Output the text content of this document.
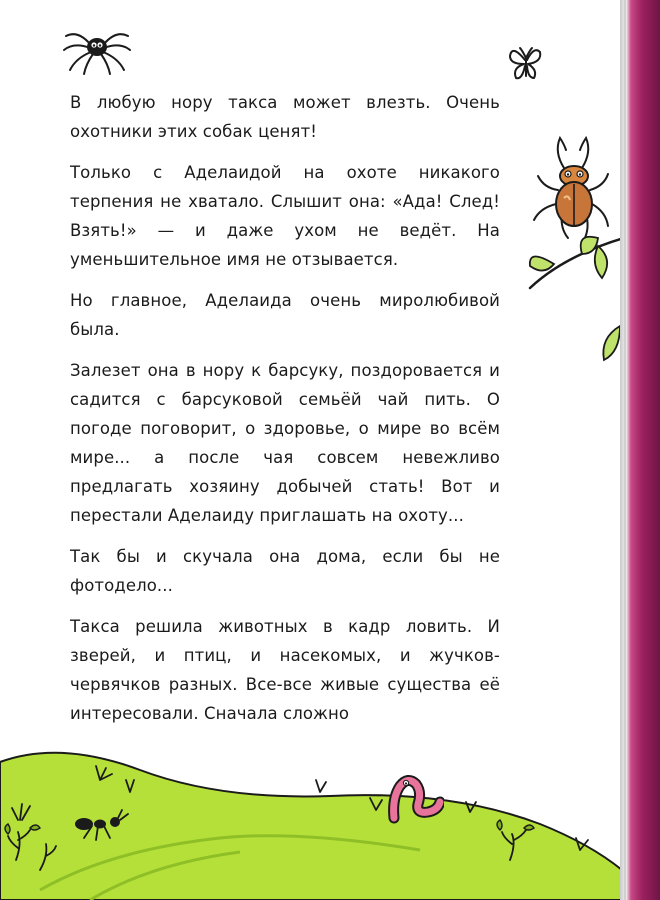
В любую нору такса может влезть. Очень охотники этих собак ценят!

Только с Аделаидой на охоте никакого терпения не хватало. Слышит она: «Ада! След! Взять!» — и даже ухом не ведёт. На уменьшительное имя не отзывается.

Но главное, Аделаида очень миролюбивой была.

Залезет она в нору к барсуку, поздоровается и садится с барсуковой семьёй чай пить. О погоде поговорит, о здоровье, о мире во всём мире... а после чая совсем невежливо предлагать хозяину добычей стать! Вот и перестали Аделаиду приглашать на охоту...

Так бы и скучала она дома, если бы не фотодело...

Такса решила животных в кадр ловить. И зверей, и птиц, и насекомых, и жучков-червячков разных. Все-все живые существа её интересовали. Сначала сложно
